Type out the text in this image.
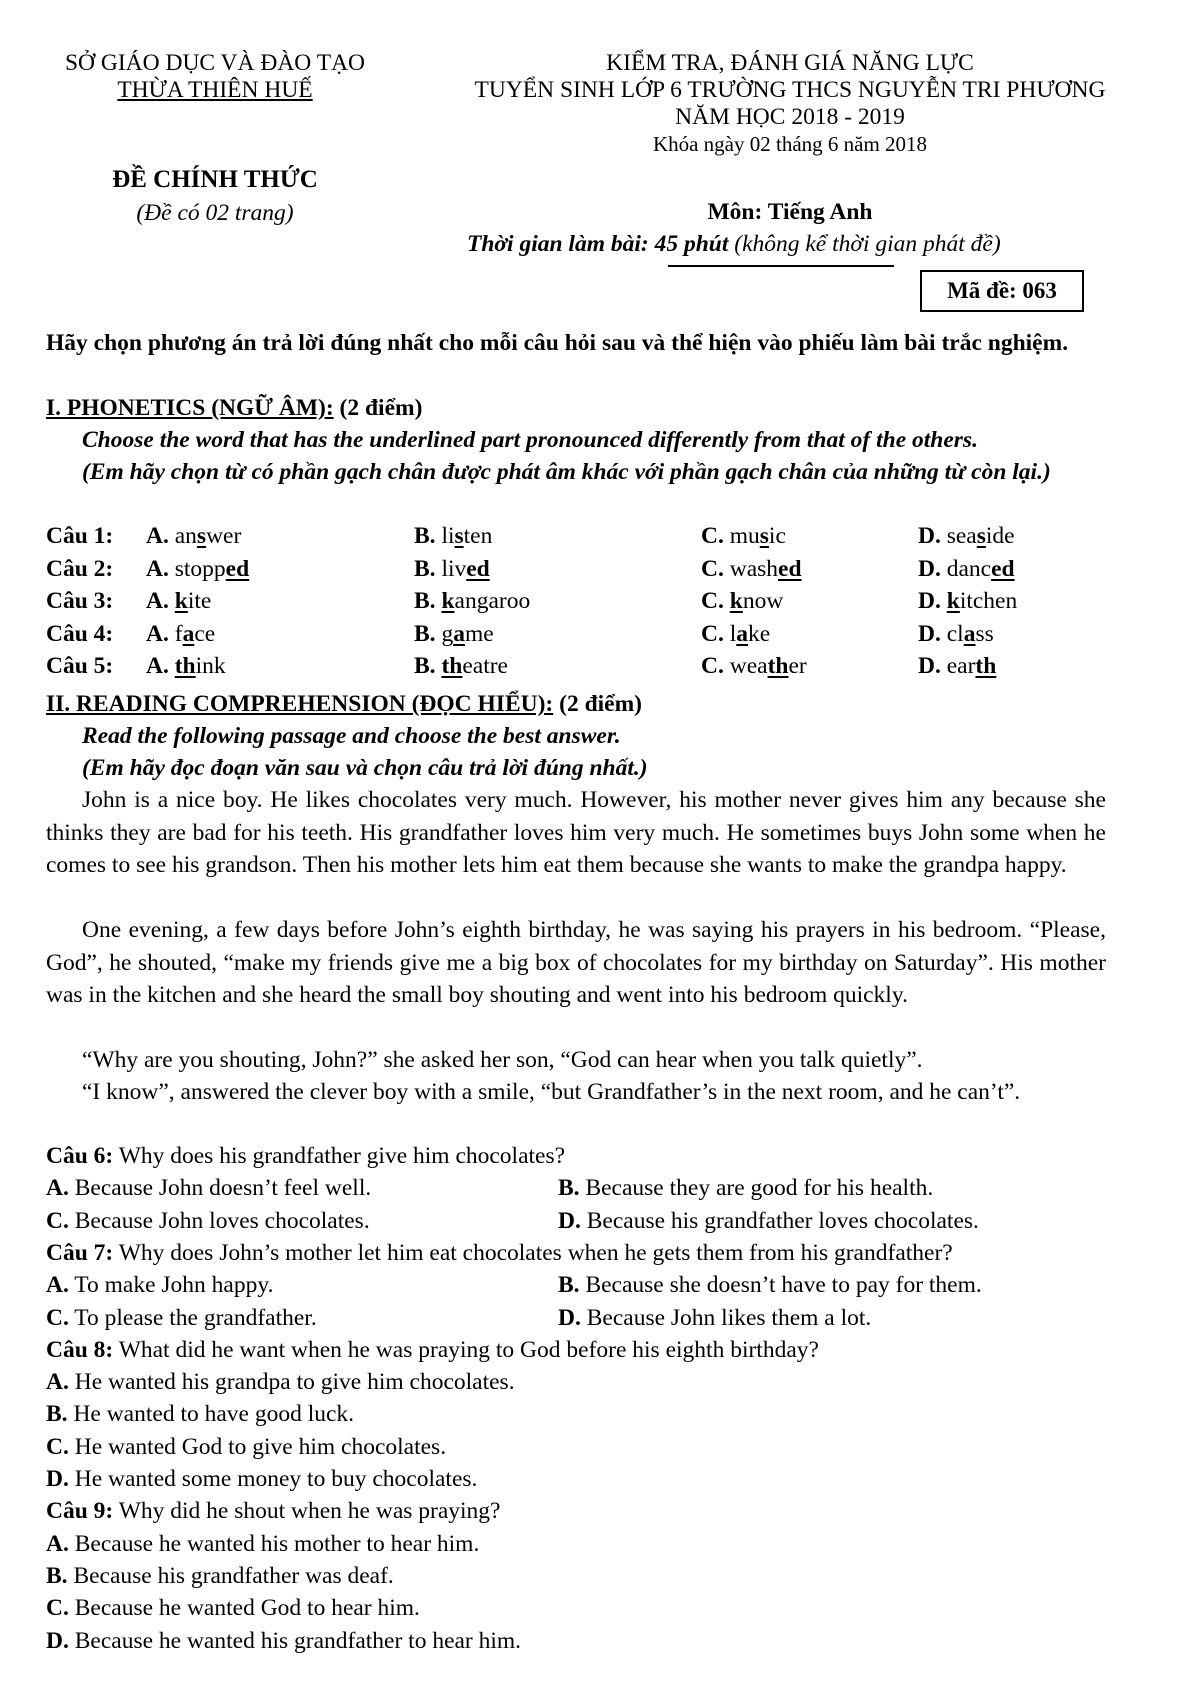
SỞ GIÁO DỤC VÀ ĐÀO TẠO
THỪA THIÊN HUẾ
KIỂM TRA, ĐÁNH GIÁ NĂNG LỰC
TUYỂN SINH LỚP 6 TRƯỜNG THCS NGUYỄN TRI PHƯƠNG
NĂM HỌC 2018 - 2019
Khóa ngày 02 tháng 6 năm 2018
ĐỀ CHÍNH THỨC
(Đề có 02 trang)	Môn: Tiếng Anh
Thời gian làm bài: 45 phút (không kể thời gian phát đề)
Mã đề: 063
Hãy chọn phương án trả lời đúng nhất cho mỗi câu hỏi sau và thể hiện vào phiếu làm bài trắc nghiệm.
I. PHONETICS (NGỮ ÂM): (2 điểm)
Choose the word that has the underlined part pronounced differently from that of the others.
(Em hãy chọn từ có phần gạch chân được phát âm khác với phần gạch chân của những từ còn lại.)
Câu 1: A. answer	B. listen	C. music	D. seaside
Câu 2: A. stopped	B. lived	C. washed	D. danced
Câu 3: A. kite	B. kangaroo	C. know	D. kitchen
Câu 4: A. face	B. game	C. lake	D. class
Câu 5: A. think	B. theatre	C. weather	D. earth
II. READING COMPREHENSION (ĐỌC HIỂU): (2 điểm)
Read the following passage and choose the best answer.
(Em hãy đọc đoạn văn sau và chọn câu trả lời đúng nhất.)
John is a nice boy. He likes chocolates very much. However, his mother never gives him any because she thinks they are bad for his teeth. His grandfather loves him very much. He sometimes buys John some when he comes to see his grandson. Then his mother lets him eat them because she wants to make the grandpa happy.
One evening, a few days before John’s eighth birthday, he was saying his prayers in his bedroom. “Please, God”, he shouted, “make my friends give me a big box of chocolates for my birthday on Saturday”. His mother was in the kitchen and she heard the small boy shouting and went into his bedroom quickly.
“Why are you shouting, John?” she asked her son, “God can hear when you talk quietly”.
“I know”, answered the clever boy with a smile, “but Grandfather’s in the next room, and he can’t”.
Câu 6: Why does his grandfather give him chocolates?
A. Because John doesn’t feel well.	B. Because they are good for his health.
C. Because John loves chocolates.	D. Because his grandfather loves chocolates.
Câu 7: Why does John’s mother let him eat chocolates when he gets them from his grandfather?
A. To make John happy.	B. Because she doesn’t have to pay for them.
C. To please the grandfather.	D. Because John likes them a lot.
Câu 8: What did he want when he was praying to God before his eighth birthday?
A. He wanted his grandpa to give him chocolates.
B. He wanted to have good luck.
C. He wanted God to give him chocolates.
D. He wanted some money to buy chocolates.
Câu 9: Why did he shout when he was praying?
A. Because he wanted his mother to hear him.
B. Because his grandfather was deaf.
C. Because he wanted God to hear him.
D. Because he wanted his grandfather to hear him.
